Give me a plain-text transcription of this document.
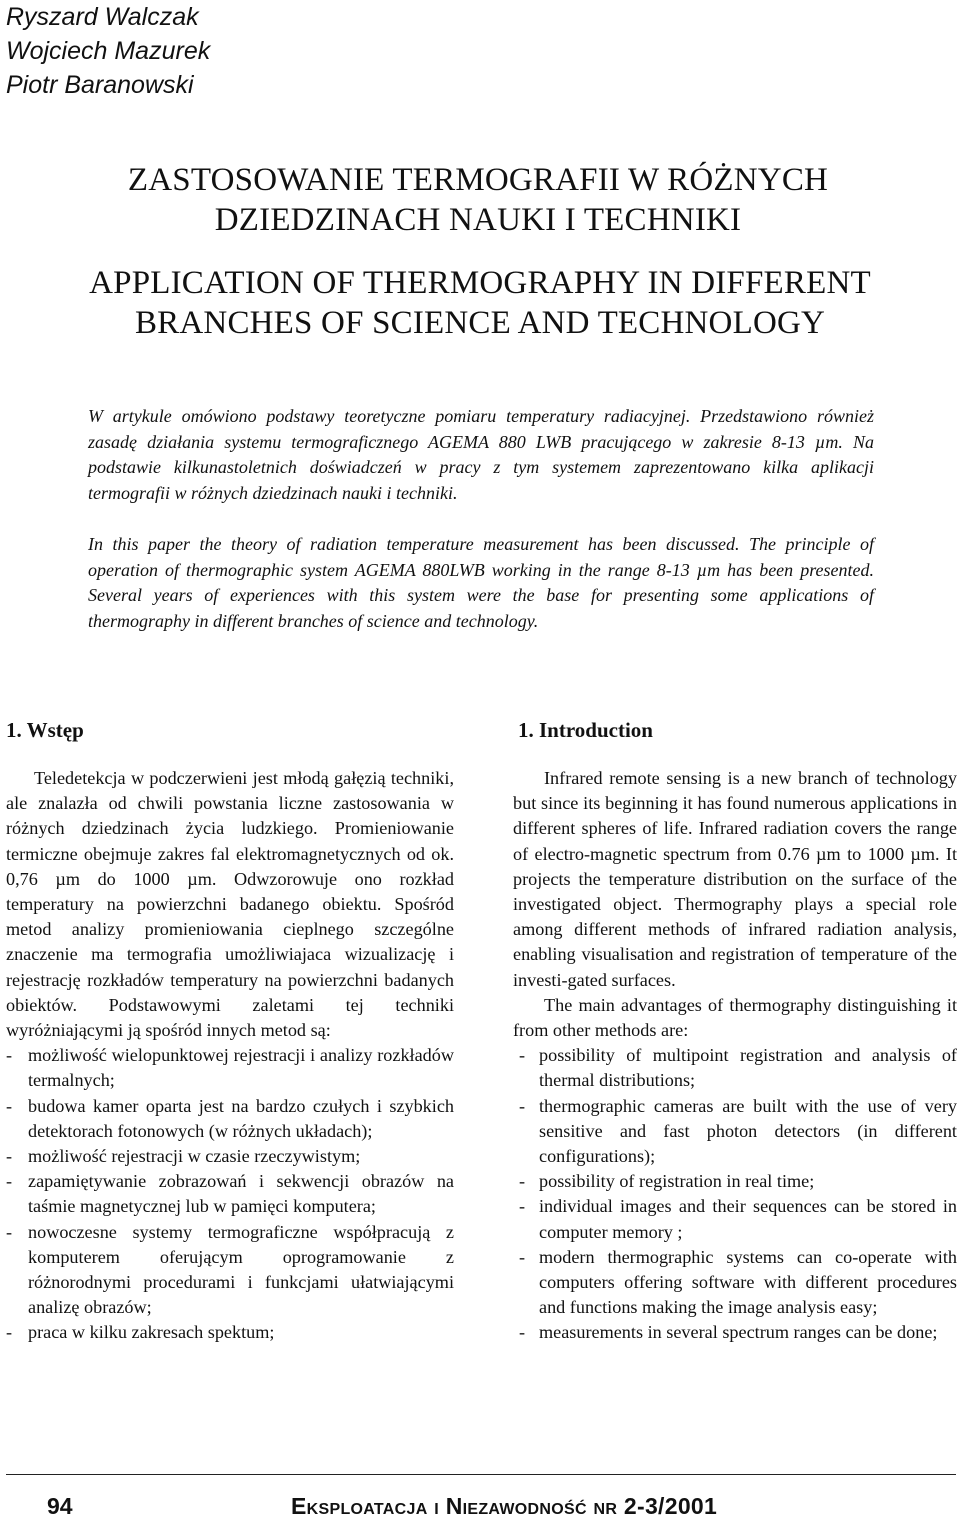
Ryszard Walczak
Wojciech Mazurek
Piotr Baranowski
ZASTOSOWANIE TERMOGRAFII W RÓŻNYCH
DZIEDZINACH NAUKI I TECHNIKI
APPLICATION OF THERMOGRAPHY IN DIFFERENT
BRANCHES OF SCIENCE AND TECHNOLOGY
W artykule omówiono podstawy teoretyczne pomiaru temperatury radiacyjnej. Przedstawiono również zasadę działania systemu termograficznego AGEMA 880 LWB pracującego w zakresie 8-13 µm. Na podstawie kilkunastoletnich doświadczeń w pracy z tym systemem zaprezentowano kilka aplikacji termografii w różnych dziedzinach nauki i techniki.
In this paper the theory of radiation temperature measurement has been discussed. The principle of operation of thermographic system AGEMA 880LWB working in the range 8-13 µm has been presented. Several years of experiences with this system were the base for presenting some applications of thermography in different branches of science and technology.
1. Wstęp

Teledetekcja w podczerwieni jest młodą gałęzią techniki, ale znalazła od chwili powstania liczne zastosowania w różnych dziedzinach życia ludzkiego. Promieniowanie termiczne obejmuje zakres fal elektromagnetycznych od ok. 0,76 µm do 1000 µm. Odwzorowuje ono rozkład temperatury na powierzchni badanego obiektu. Spośród metod analizy promieniowania cieplnego szczególne znaczenie ma termografia umożliwiajaca wizualizację i rejestrację rozkładów temperatury na powierzchni badanych obiektów. Podstawowymi zaletami tej techniki wyróżniającymi ją spośród innych metod są:

- możliwość wielopunktowej rejestracji i analizy rozkładów termalnych;
- budowa kamer oparta jest na bardzo czułych i szybkich detektorach fotonowych (w różnych układach);
- możliwość rejestracji w czasie rzeczywistym;
- zapamiętywanie zobrazowań i sekwencji obrazów na taśmie magnetycznej lub w pamięci komputera;
- nowoczesne systemy termograficzne współpracują z komputerem oferującym oprogramowanie z różnorodnymi procedurami i funkcjami ułatwiającymi analizę obrazów;
- praca w kilku zakresach spektum;
1. Introduction

Infrared remote sensing is a new branch of technology but since its beginning it has found numerous applications in different spheres of life. Infrared radiation covers the range of electro-magnetic spectrum from 0.76 µm to 1000 µm. It projects the temperature distribution on the surface of the investigated object. Thermography plays a special role among different methods of infrared radiation analysis, enabling visualisation and registration of temperature of the investi-gated surfaces.

The main advantages of thermography distinguishing it from other methods are:

- possibility of multipoint registration and analysis of thermal distributions;
- thermographic cameras are built with the use of very sensitive and fast photon detectors (in different configurations);
- possibility of registration in real time;
- individual images and their sequences can be stored in computer memory ;
- modern thermographic systems can co-operate with computers offering software with different procedures and functions making the image analysis easy;
- measurements in several spectrum ranges can be done;
94	Eksploatacja i Niezawodność nr 2-3/2001
